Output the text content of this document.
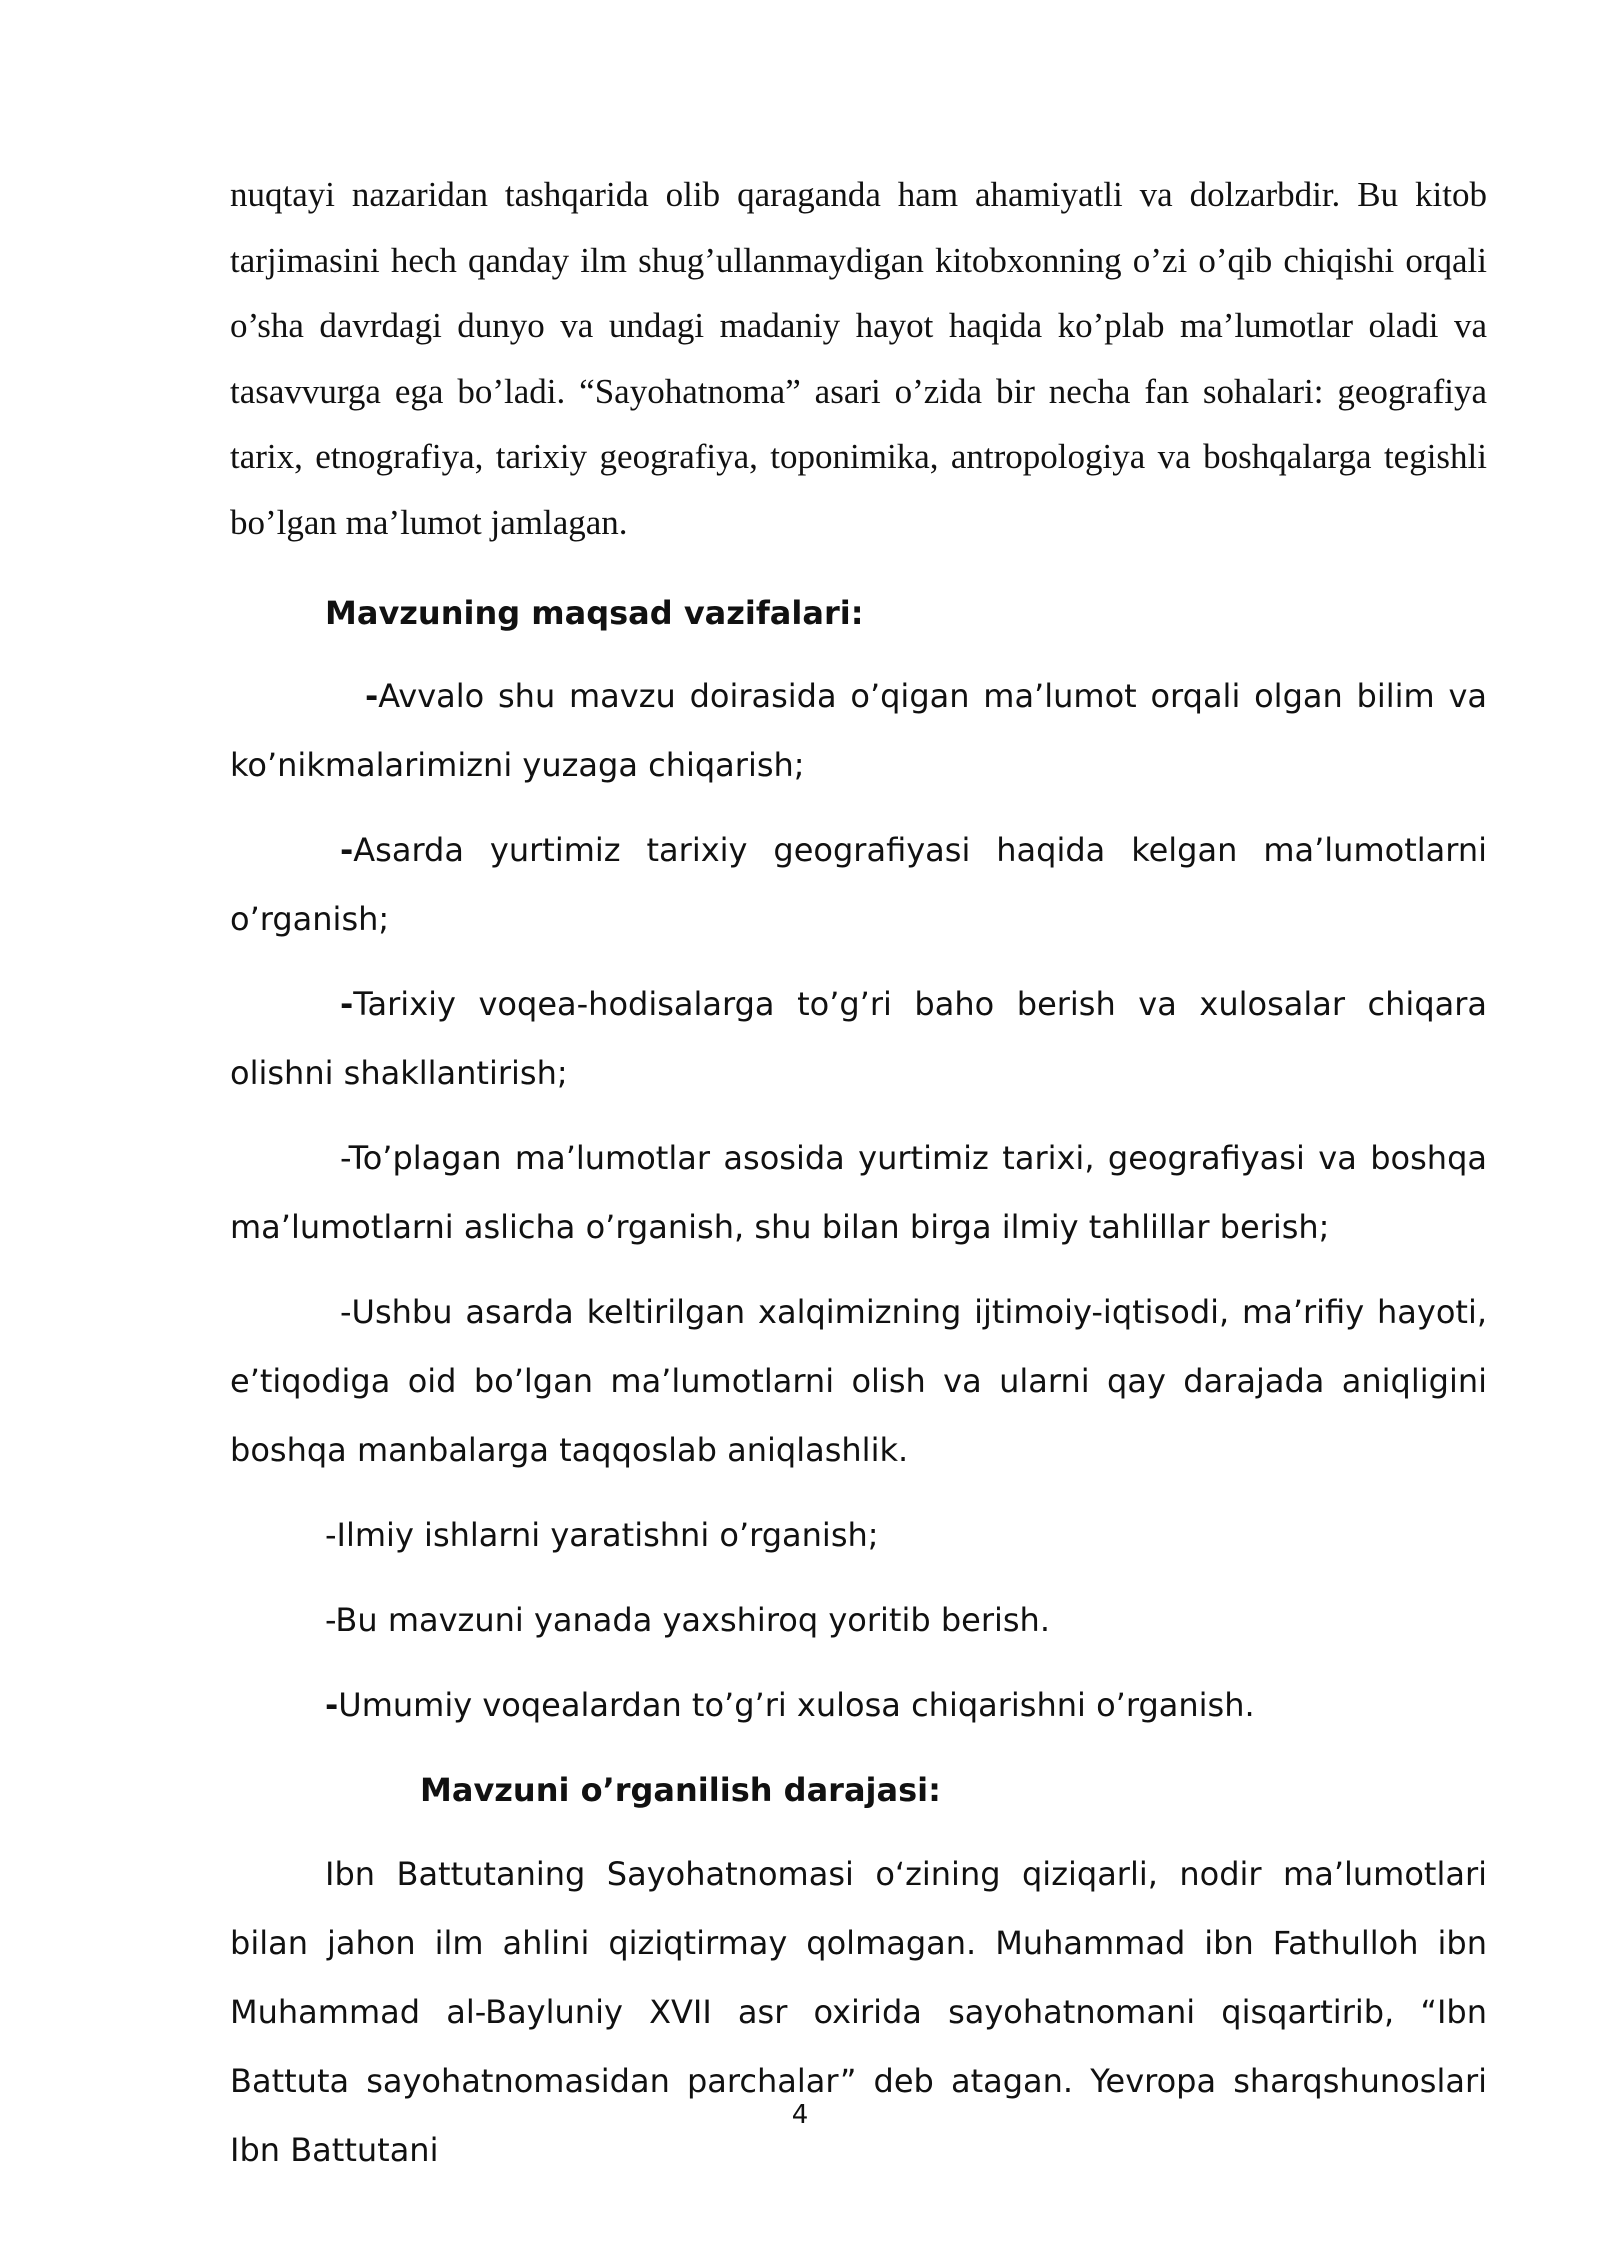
nuqtayi nazaridan tashqarida olib qaraganda ham ahamiyatli va dolzarbdir. Bu kitob tarjimasini hech qanday ilm shug’ullanmaydigan kitobxonning o’zi o’qib chiqishi orqali o’sha davrdagi dunyo va undagi madaniy hayot haqida ko’plab ma’lumotlar oladi va tasavvurga ega bo’ladi. “Sayohatnoma” asari o’zida bir necha fan sohalari: geografiya tarix, etnografiya, tarixiy geografiya, toponimika, antropologiya va boshqalarga tegishli bo’lgan ma’lumot jamlagan.

Mavzuning maqsad vazifalari:

-Avvalo shu mavzu doirasida o’qigan ma’lumot orqali olgan bilim va ko’nikmalarimizni yuzaga chiqarish;

-Asarda yurtimiz tarixiy geografiyasi haqida kelgan ma’lumotlarni o’rganish;

-Tarixiy voqea-hodisalarga to’g’ri baho berish va xulosalar chiqara olishni shakllantirish;

-To’plagan ma’lumotlar asosida yurtimiz tarixi, geografiyasi va boshqa ma’lumotlarni aslicha o’rganish, shu bilan birga ilmiy tahlillar berish;

-Ushbu asarda keltirilgan xalqimizning ijtimoiy-iqtisodi, ma’rifiy hayoti, e’tiqodiga oid bo’lgan ma’lumotlarni olish va ularni qay darajada aniqligini boshqa manbalarga taqqoslab aniqlashlik.

-Ilmiy ishlarni yaratishni o’rganish;

-Bu mavzuni yanada yaxshiroq yoritib berish.

-Umumiy voqealardan to’g’ri xulosa chiqarishni o’rganish.

Mavzuni o’rganilish darajasi:

Ibn Battutaning Sayohatnomasi o‘zining qiziqarli, nodir ma’lumotlari bilan jahon ilm ahlini qiziqtirmay qolmagan. Muhammad ibn Fathulloh ibn Muhammad al-Bayluniy XVII asr oxirida sayohatnomani qisqartirib, “Ibn Battuta sayohatnomasidan parchalar” deb atagan. Yevropa sharqshunoslari Ibn Battutani

4
